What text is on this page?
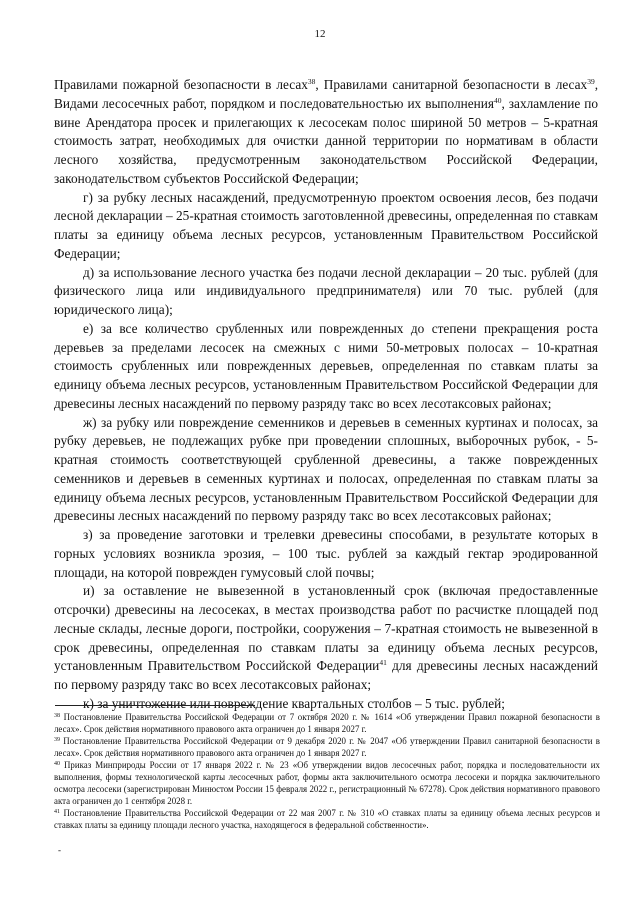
12

Правилами пожарной безопасности в лесах$^{38}$, Правилами санитарной безопасности в лесах$^{39}$, Видами лесосечных работ, порядком и последовательностью их выполнения$^{40}$, захламление по вине Арендатора просек и прилегающих к лесосекам полос шириной 50 метров – 5-кратная стоимость затрат, необходимых для очистки данной территории по нормативам в области лесного хозяйства, предусмотренным законодательством Российской Федерации, законодательством субъектов Российской Федерации;

г) за рубку лесных насаждений, предусмотренную проектом освоения лесов, без подачи лесной декларации – 25-кратная стоимость заготовленной древесины, определенная по ставкам платы за единицу объема лесных ресурсов, установленным Правительством Российской Федерации;

д) за использование лесного участка без подачи лесной декларации – 20 тыс. рублей (для физического лица или индивидуального предпринимателя) или 70 тыс. рублей (для юридического лица);

е) за все количество срубленных или поврежденных до степени прекращения роста деревьев за пределами лесосек на смежных с ними 50-метровых полосах – 10-кратная стоимость срубленных или поврежденных деревьев, определенная по ставкам платы за единицу объема лесных ресурсов, установленным Правительством Российской Федерации для древесины лесных насаждений по первому разряду такс во всех лесотаксовых районах;

ж) за рубку или повреждение семенников и деревьев в семенных куртинах и полосах, за рубку деревьев, не подлежащих рубке при проведении сплошных, выборочных рубок, - 5-кратная стоимость соответствующей срубленной древесины, а также поврежденных семенников и деревьев в семенных куртинах и полосах, определенная по ставкам платы за единицу объема лесных ресурсов, установленным Правительством Российской Федерации для древесины лесных насаждений по первому разряду такс во всех лесотаксовых районах;

з) за проведение заготовки и трелевки древесины способами, в результате которых в горных условиях возникла эрозия, – 100 тыс. рублей за каждый гектар эродированной площади, на которой поврежден гумусовый слой почвы;

и) за оставление не вывезенной в установленный срок (включая предоставленные отсрочки) древесины на лесосеках, в местах производства работ по расчистке площадей под лесные склады, лесные дороги, постройки, сооружения – 7-кратная стоимость не вывезенной в срок древесины, определенная по ставкам платы за единицу объема лесных ресурсов, установленным Правительством Российской Федерации$^{41}$ для древесины лесных насаждений по первому разряду такс во всех лесотаксовых районах;

к) за уничтожение или повреждение квартальных столбов – 5 тыс. рублей;

$^{38}$ Постановление Правительства Российской Федерации от 7 октября 2020 г. № 1614 «Об утверждении Правил пожарной безопасности в лесах». Срок действия нормативного правового акта ограничен до 1 января 2027 г.

$^{39}$ Постановление Правительства Российской Федерации от 9 декабря 2020 г. № 2047 «Об утверждении Правил санитарной безопасности в лесах». Срок действия нормативного правового акта ограничен до 1 января 2027 г.

$^{40}$ Приказ Минприроды России от 17 января 2022 г. № 23 «Об утверждении видов лесосечных работ, порядка и последовательности их выполнения, формы технологической карты лесосечных работ, формы акта заключительного осмотра лесосеки и порядка заключительного осмотра лесосеки (зарегистрирован Минюстом России 15 февраля 2022 г., регистрационный № 67278). Срок действия нормативного правового акта ограничен до 1 сентября 2028 г.

$^{41}$ Постановление Правительства Российской Федерации от 22 мая 2007 г. № 310 «О ставках платы за единицу объема лесных ресурсов и ставках платы за единицу площади лесного участка, находящегося в федеральной собственности».

-
